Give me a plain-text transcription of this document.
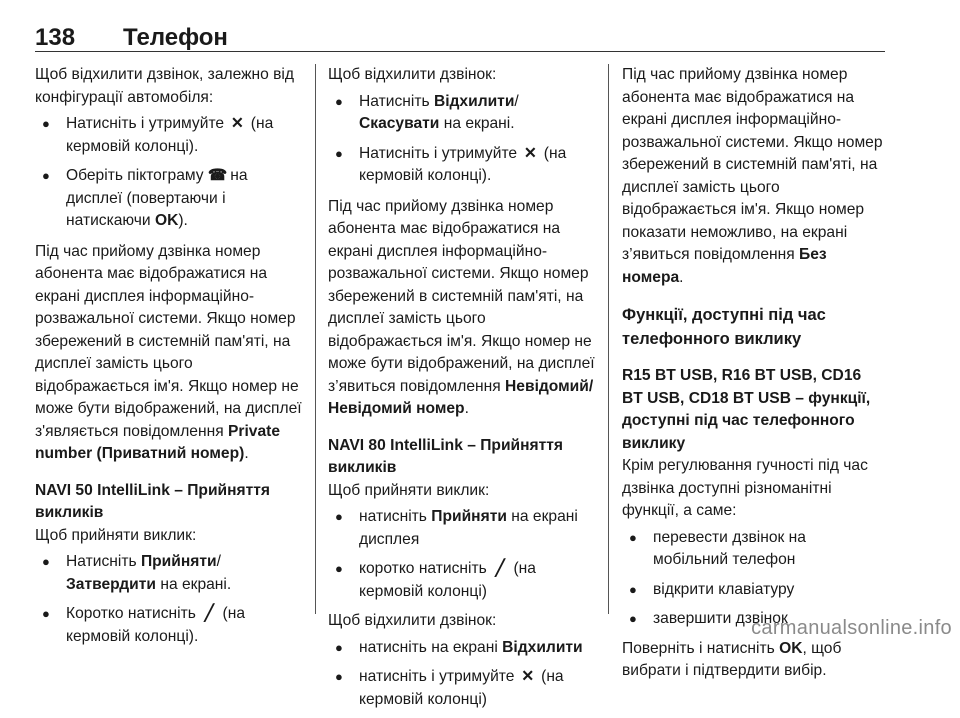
138 Телефон

Щоб відхилити дзвінок, залежно від конфігурації автомобіля:

● Натисніть і утримуйте ✕ (на кермовій колонці).
● Оберіть піктограму ☎ на дисплеї (повертаючи і натискаючи OK).

Під час прийому дзвінка номер абонента має відображатися на екрані дисплея інформаційно-розважальної системи. Якщо номер збережений в системній пам'яті, на дисплеї замість цього відображається ім'я. Якщо номер не може бути відображений, на дисплеї з'являється повідомлення Private number (Приватний номер).

NAVI 50 IntelliLink – Прийняття викликів

Щоб прийняти виклик:

● Натисніть Прийняти/ Затвердити на екрані.
● Коротко натисніть ╱ (на кермовій колонці).

Щоб відхилити дзвінок:

● Натисніть Відхилити/ Скасувати на екрані.
● Натисніть і утримуйте ✕ (на кермовій колонці).

Під час прийому дзвінка номер абонента має відображатися на екрані дисплея інформаційно-розважальної системи. Якщо номер збережений в системній пам'яті, на дисплеї замість цього відображається ім'я. Якщо номер не може бути відображений, на дисплеї з’явиться повідомлення Невідомий/Невідомий номер.

NAVI 80 IntelliLink – Прийняття викликів

Щоб прийняти виклик:

● натисніть Прийняти на екрані дисплея
● коротко натисніть ╱ (на кермовій колонці)

Щоб відхилити дзвінок:

● натисніть на екрані Відхилити
● натисніть і утримуйте ✕ (на кермовій колонці)

Під час прийому дзвінка номер абонента має відображатися на екрані дисплея інформаційно-розважальної системи. Якщо номер збережений в системній пам'яті, на дисплеї замість цього відображається ім'я. Якщо номер показати неможливо, на екрані з’явиться повідомлення Без номера.

Функції, доступні під час телефонного виклику

R15 BT USB, R16 BT USB, CD16 BT USB, CD18 BT USB – функції, доступні під час телефонного виклику

Крім регулювання гучності під час дзвінка доступні різноманітні функції, а саме:

● перевести дзвінок на мобільний телефон
● відкрити клавіатуру
● завершити дзвінок

Поверніть і натисніть OK, щоб вибрати і підтвердити вибір.

carmanualsonline.info
